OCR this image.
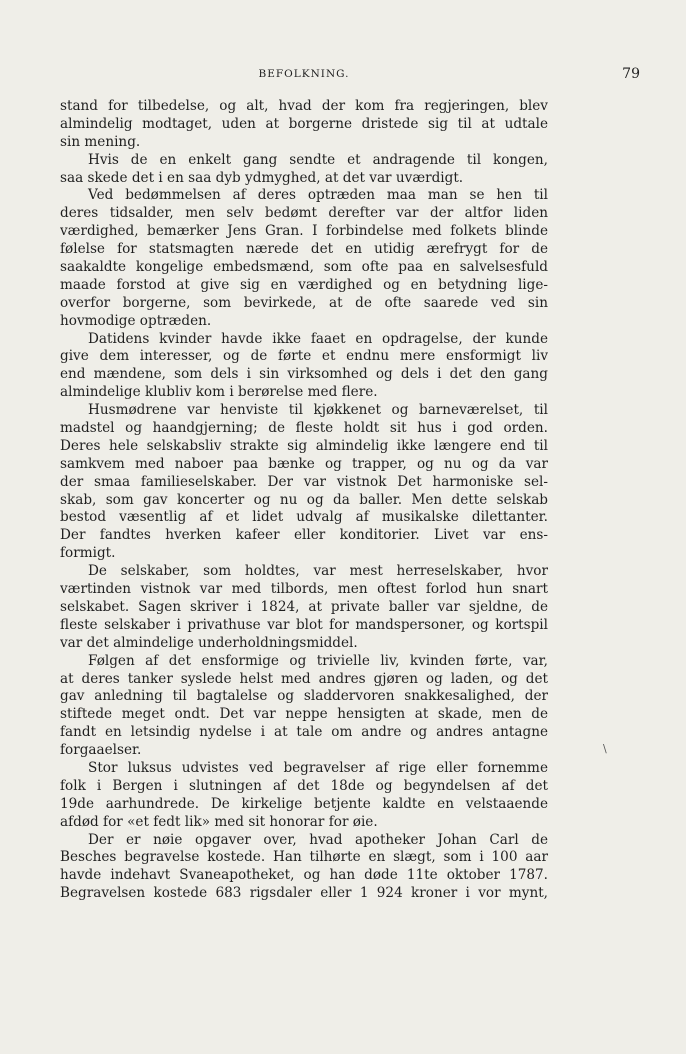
BEFOLKNING.	79
stand for tilbedelse, og alt, hvad der kom fra regjeringen, blev
almindelig modtaget, uden at borgerne dristede sig til at udtale
sin mening.
Hvis de en enkelt gang sendte et andragende til kongen,
saa skede det i en saa dyb ydmyghed, at det var uværdigt.
Ved bedømmelsen af deres optræden maa man se hen til
deres tidsalder, men selv bedømt derefter var der altfor liden
værdighed, bemærker Jens Gran. I forbindelse med folkets blinde
følelse for statsmagten nærede det en utidig ærefrygt for de
saakaldte kongelige embedsmænd, som ofte paa en salvelsesfuld
maade forstod at give sig en værdighed og en betydning lige-
overfor borgerne, som bevirkede, at de ofte saarede ved sin
hovmodige optræden.
Datidens kvinder havde ikke faaet en opdragelse, der kunde
give dem interesser, og de førte et endnu mere ensformigt liv
end mændene, som dels i sin virksomhed og dels i det den gang
almindelige klubliv kom i berørelse med flere.
Husmødrene var henviste til kjøkkenet og barneværelset, til
madstel og haandgjerning; de fleste holdt sit hus i god orden.
Deres hele selskabsliv strakte sig almindelig ikke længere end til
samkvem med naboer paa bænke og trapper, og nu og da var
der smaa familieselskaber. Der var vistnok Det harmoniske sel-
skab, som gav koncerter og nu og da baller. Men dette selskab
bestod væsentlig af et lidet udvalg af musikalske dilettanter.
Der fandtes hverken kafeer eller konditorier. Livet var ens-
formigt.
De selskaber, som holdtes, var mest herreselskaber, hvor
værtinden vistnok var med tilbords, men oftest forlod hun snart
selskabet. Sagen skriver i 1824, at private baller var sjeldne, de
fleste selskaber i privathuse var blot for mandspersoner, og kortspil
var det almindelige underholdningsmiddel.
Følgen af det ensformige og trivielle liv, kvinden førte, var,
at deres tanker syslede helst med andres gjøren og laden, og det
gav anledning til bagtalelse og sladdervoren snakkesalighed, der
stiftede meget ondt. Det var neppe hensigten at skade, men de
fandt en letsindig nydelse i at tale om andre og andres antagne
forgaaelser.
Stor luksus udvistes ved begravelser af rige eller fornemme
folk i Bergen i slutningen af det 18de og begyndelsen af det
19de aarhundrede. De kirkelige betjente kaldte en velstaaende
afdød for «et fedt lik» med sit honorar for øie.
Der er nøie opgaver over, hvad apotheker Johan Carl de
Besches begravelse kostede. Han tilhørte en slægt, som i 100 aar
havde indehavt Svaneapotheket, og han døde 11te oktober 1787.
Begravelsen kostede 683 rigsdaler eller 1 924 kroner i vor mynt,
\
